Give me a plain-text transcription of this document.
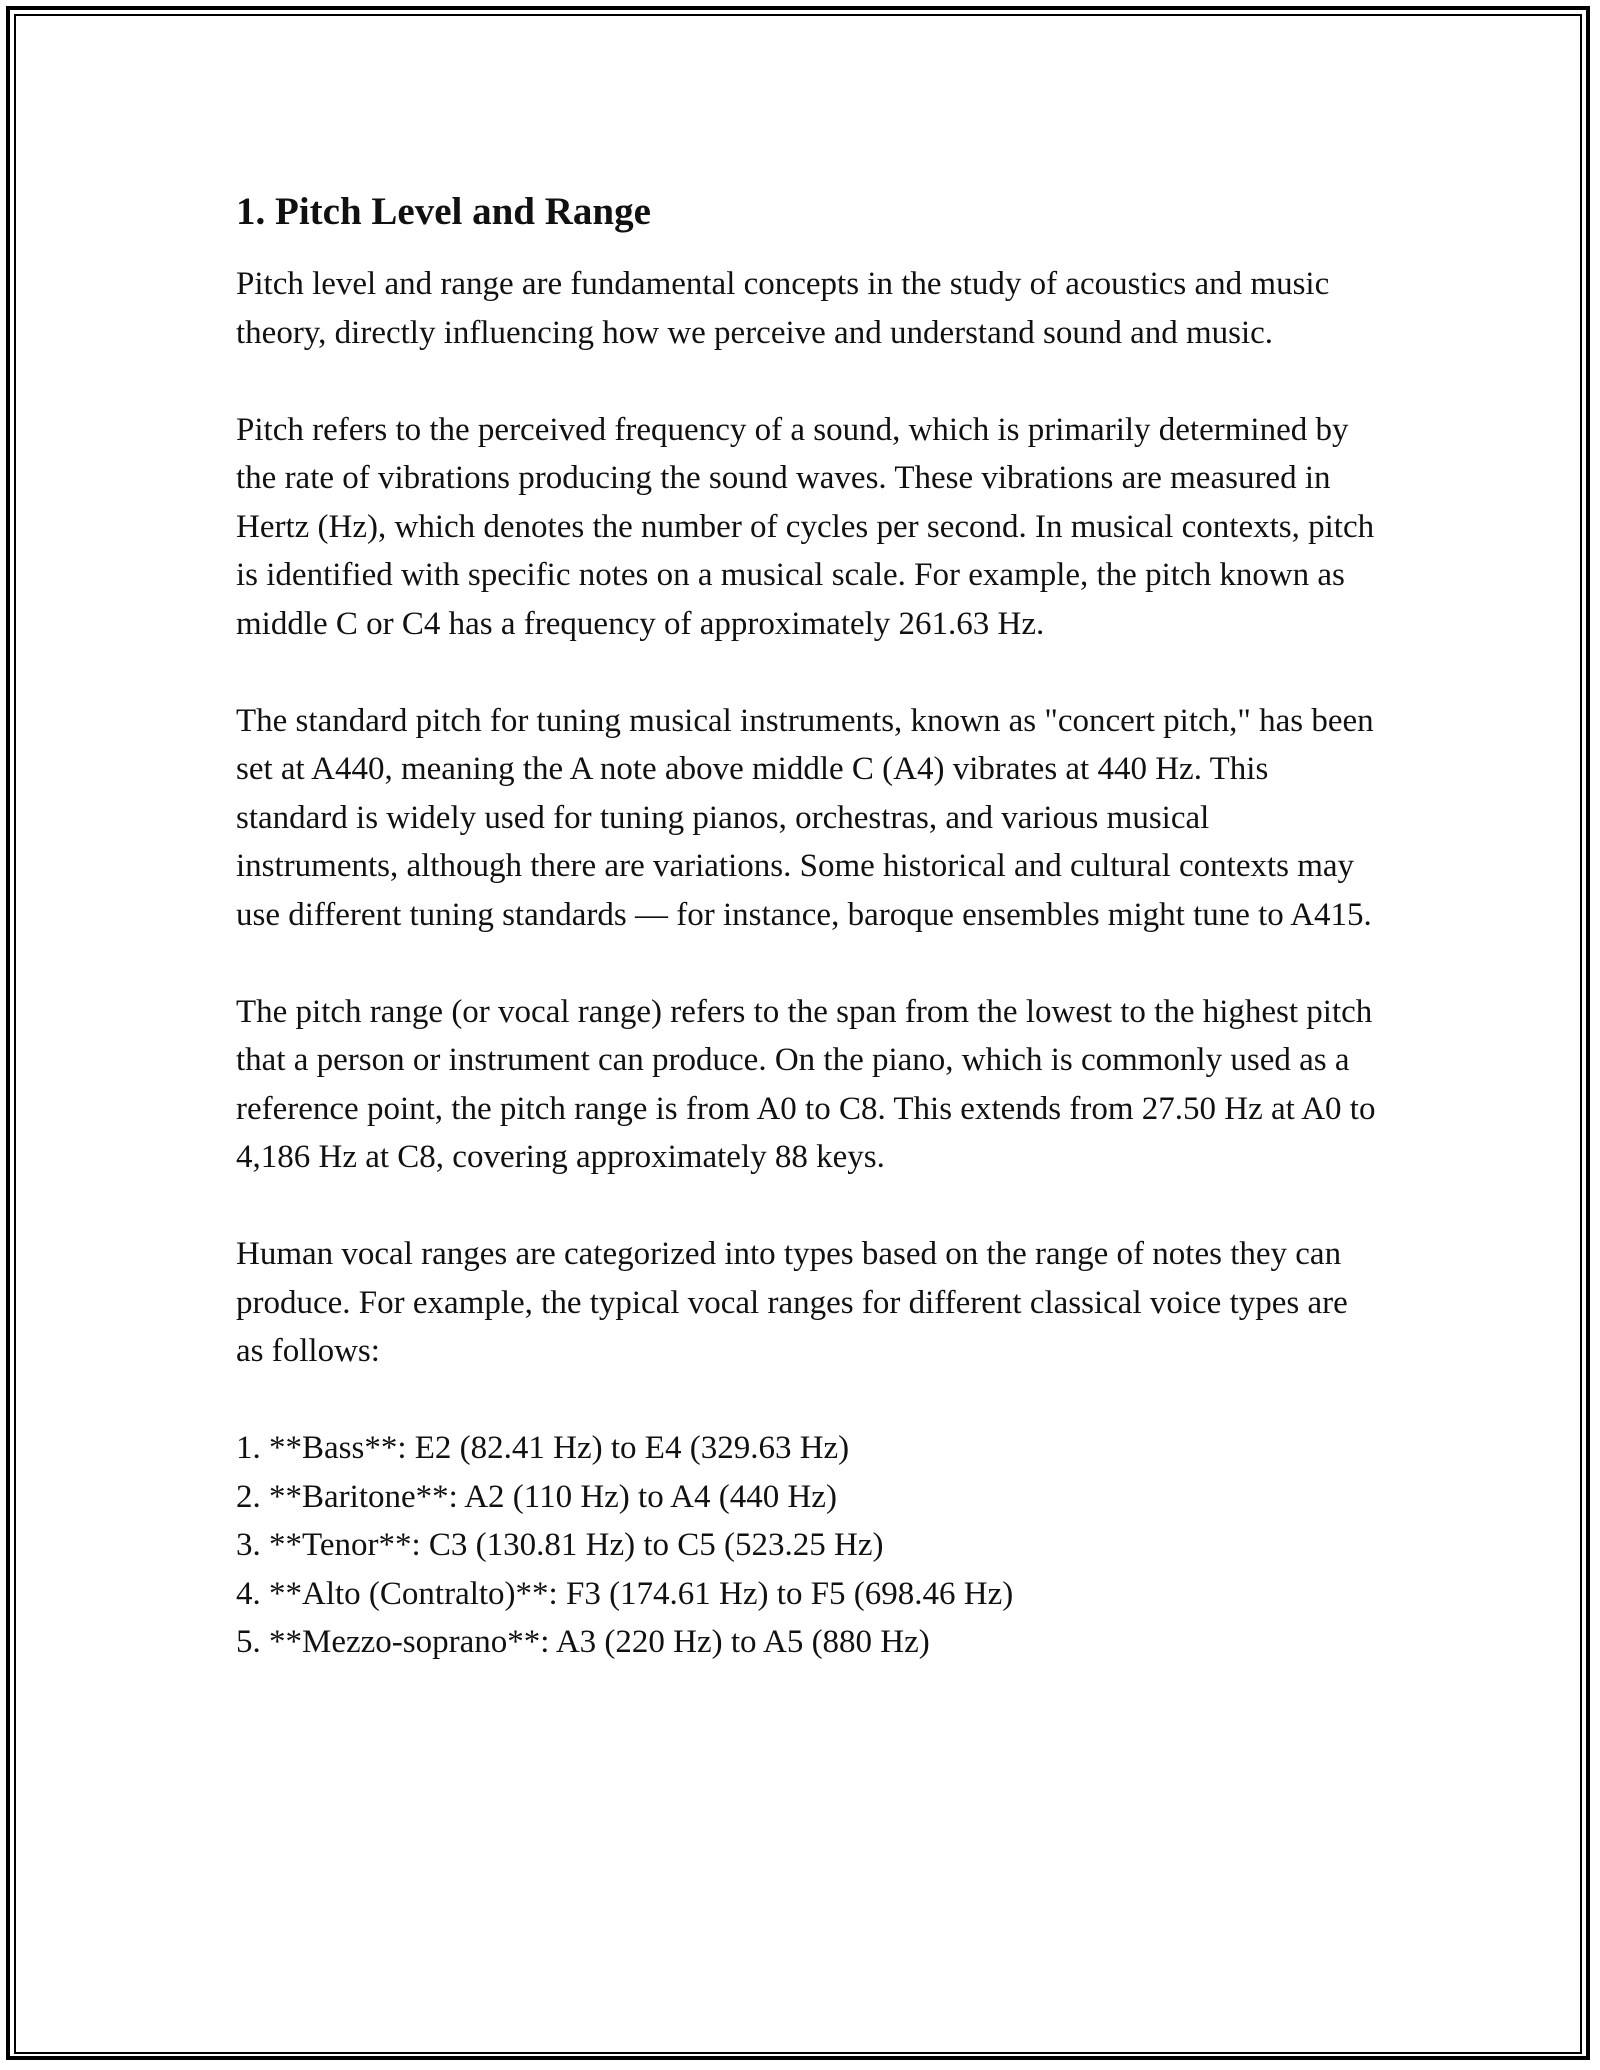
1. Pitch Level and Range

Pitch level and range are fundamental concepts in the study of acoustics and music theory, directly influencing how we perceive and understand sound and music.

Pitch refers to the perceived frequency of a sound, which is primarily determined by the rate of vibrations producing the sound waves. These vibrations are measured in Hertz (Hz), which denotes the number of cycles per second. In musical contexts, pitch is identified with specific notes on a musical scale. For example, the pitch known as middle C or C4 has a frequency of approximately 261.63 Hz.

The standard pitch for tuning musical instruments, known as "concert pitch," has been set at A440, meaning the A note above middle C (A4) vibrates at 440 Hz. This standard is widely used for tuning pianos, orchestras, and various musical instruments, although there are variations. Some historical and cultural contexts may use different tuning standards — for instance, baroque ensembles might tune to A415.

The pitch range (or vocal range) refers to the span from the lowest to the highest pitch that a person or instrument can produce. On the piano, which is commonly used as a reference point, the pitch range is from A0 to C8. This extends from 27.50 Hz at A0 to 4,186 Hz at C8, covering approximately 88 keys.

Human vocal ranges are categorized into types based on the range of notes they can produce. For example, the typical vocal ranges for different classical voice types are as follows:

1. **Bass**: E2 (82.41 Hz) to E4 (329.63 Hz)
2. **Baritone**: A2 (110 Hz) to A4 (440 Hz)
3. **Tenor**: C3 (130.81 Hz) to C5 (523.25 Hz)
4. **Alto (Contralto)**: F3 (174.61 Hz) to F5 (698.46 Hz)
5. **Mezzo-soprano**: A3 (220 Hz) to A5 (880 Hz)
